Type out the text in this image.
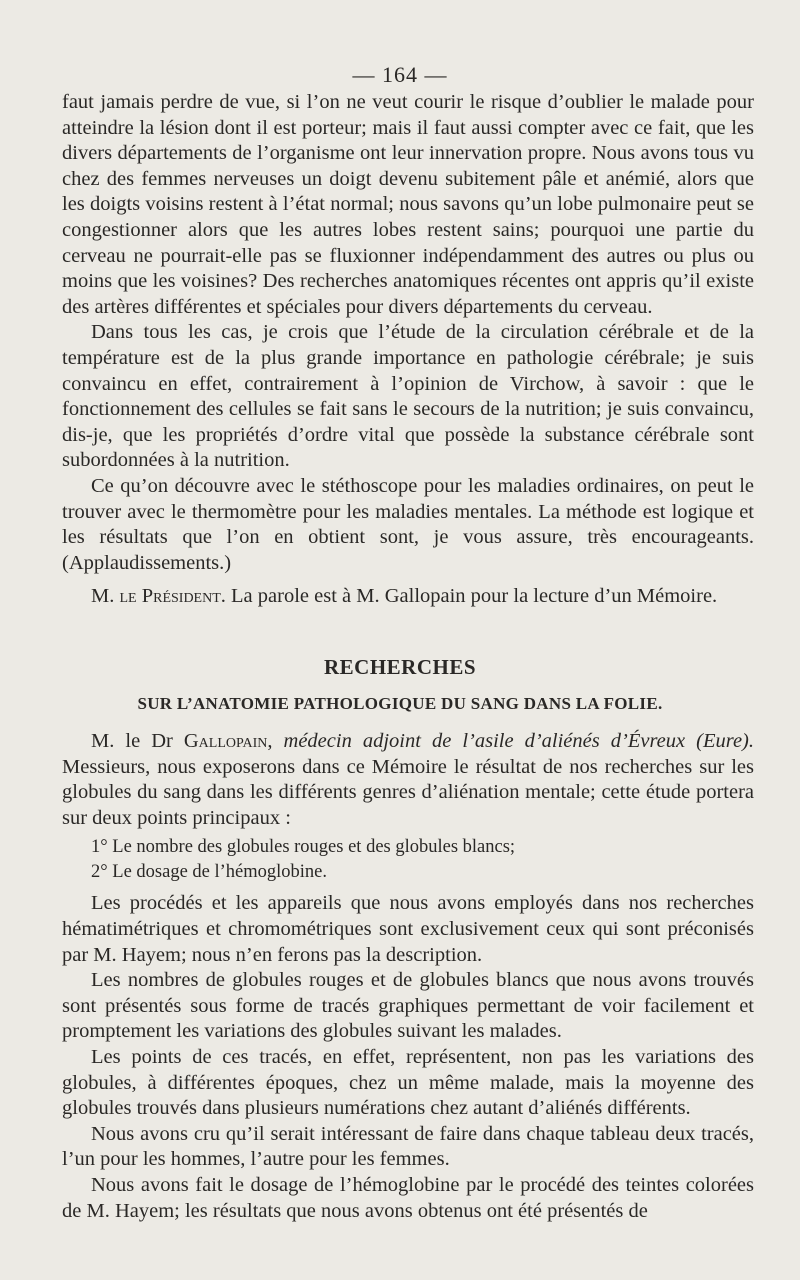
— 164 —

faut jamais perdre de vue, si l’on ne veut courir le risque d’oublier le malade pour atteindre la lésion dont il est porteur; mais il faut aussi compter avec ce fait, que les divers départements de l’organisme ont leur innervation propre. Nous avons tous vu chez des femmes nerveuses un doigt devenu subitement pâle et anémié, alors que les doigts voisins restent à l’état normal; nous savons qu’un lobe pulmonaire peut se congestionner alors que les autres lobes restent sains; pourquoi une partie du cerveau ne pourrait-elle pas se fluxionner indépendamment des autres ou plus ou moins que les voisines? Des recherches anatomiques récentes ont appris qu’il existe des artères différentes et spéciales pour divers départements du cerveau.

Dans tous les cas, je crois que l’étude de la circulation cérébrale et de la température est de la plus grande importance en pathologie cérébrale; je suis convaincu en effet, contrairement à l’opinion de Virchow, à savoir : que le fonctionnement des cellules se fait sans le secours de la nutrition; je suis convaincu, dis-je, que les propriétés d’ordre vital que possède la substance cérébrale sont subordonnées à la nutrition.

Ce qu’on découvre avec le stéthoscope pour les maladies ordinaires, on peut le trouver avec le thermomètre pour les maladies mentales. La méthode est logique et les résultats que l’on en obtient sont, je vous assure, très encourageants. (Applaudissements.)

M. le Président. La parole est à M. Gallopain pour la lecture d’un Mémoire.

RECHERCHES
SUR L’ANATOMIE PATHOLOGIQUE DU SANG DANS LA FOLIE.

M. le Dr Gallopain, médecin adjoint de l’asile d’aliénés d’Évreux (Eure). Messieurs, nous exposerons dans ce Mémoire le résultat de nos recherches sur les globules du sang dans les différents genres d’aliénation mentale; cette étude portera sur deux points principaux :

1° Le nombre des globules rouges et des globules blancs;

2° Le dosage de l’hémoglobine.

Les procédés et les appareils que nous avons employés dans nos recherches hématimétriques et chromométriques sont exclusivement ceux qui sont préconisés par M. Hayem; nous n’en ferons pas la description.

Les nombres de globules rouges et de globules blancs que nous avons trouvés sont présentés sous forme de tracés graphiques permettant de voir facilement et promptement les variations des globules suivant les malades.

Les points de ces tracés, en effet, représentent, non pas les variations des globules, à différentes époques, chez un même malade, mais la moyenne des globules trouvés dans plusieurs numérations chez autant d’aliénés différents.

Nous avons cru qu’il serait intéressant de faire dans chaque tableau deux tracés, l’un pour les hommes, l’autre pour les femmes.

Nous avons fait le dosage de l’hémoglobine par le procédé des teintes colorées de M. Hayem; les résultats que nous avons obtenus ont été présentés de
